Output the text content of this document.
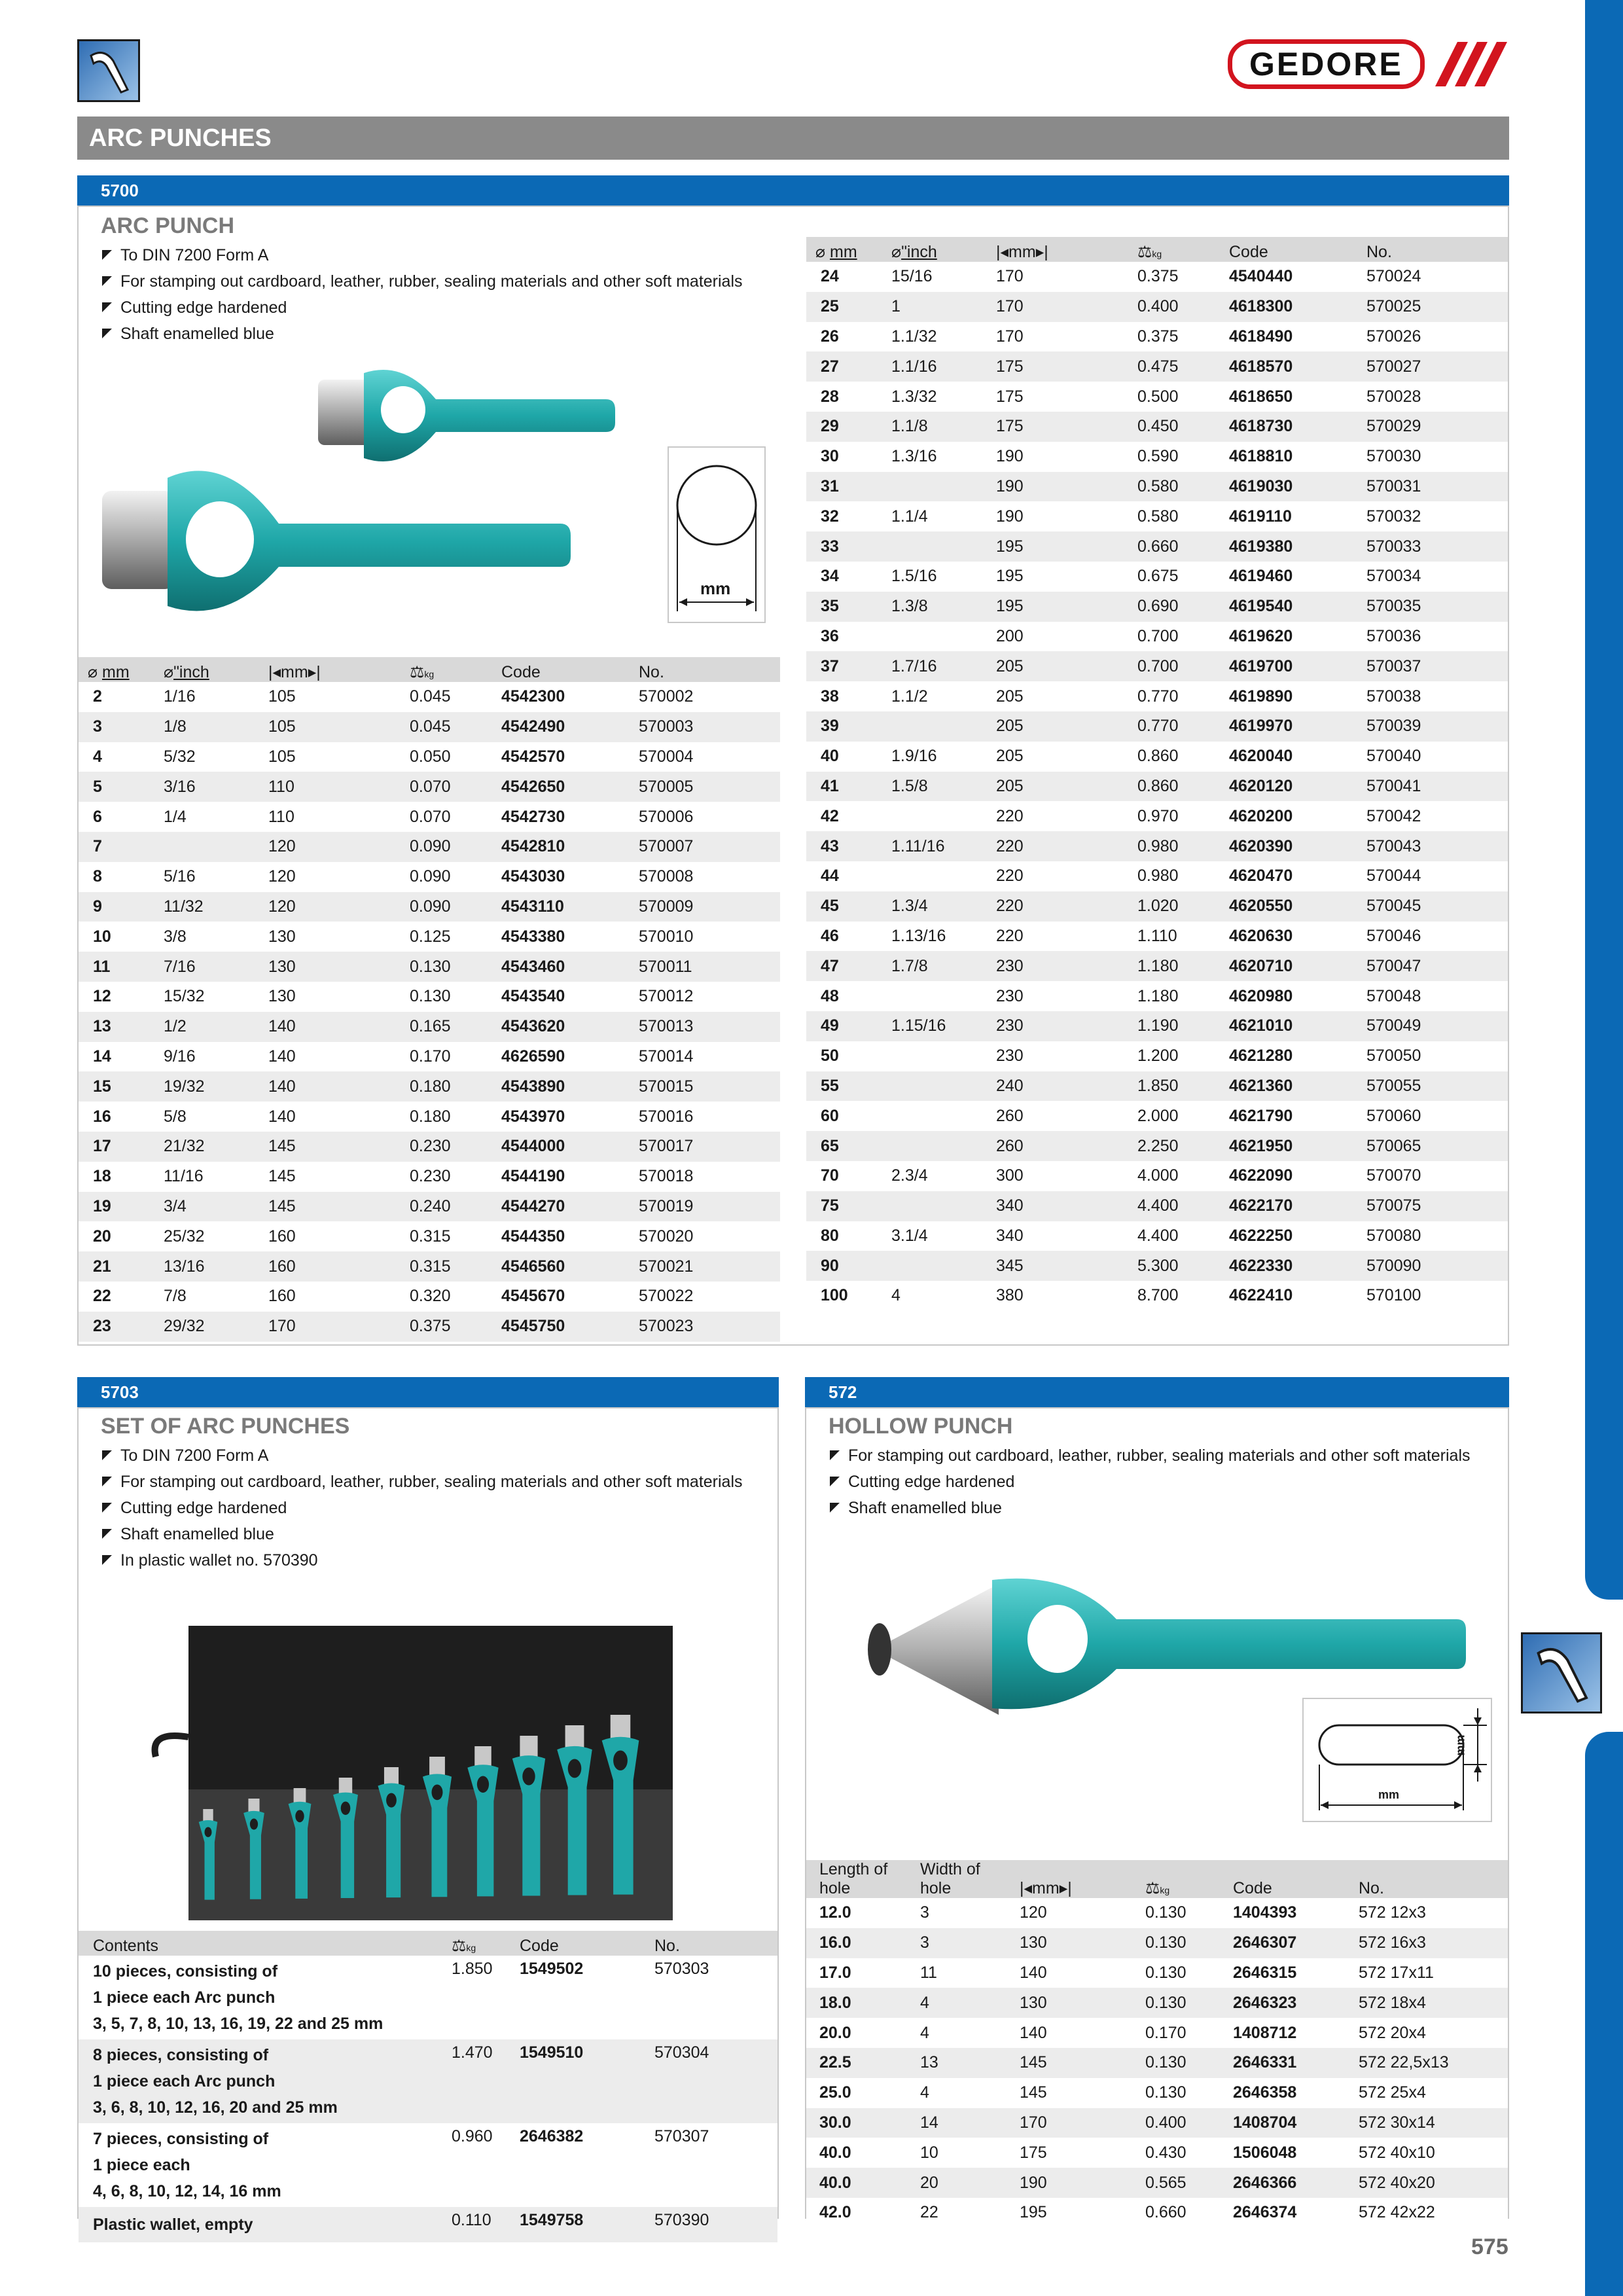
GEDORE
ARC PUNCHES
5700
ARC PUNCH
To DIN 7200 Form A
For stamping out cardboard, leather, rubber, sealing materials and other soft materials
Cutting edge hardened
Shaft enamelled blue
mm
⌀ mm	⌀"inch	|◂mm▸|	⚖kg	Code	No.
2	1/16	105	0.045	4542300	570002
3	1/8	105	0.045	4542490	570003
4	5/32	105	0.050	4542570	570004
5	3/16	110	0.070	4542650	570005
6	1/4	110	0.070	4542730	570006
7		120	0.090	4542810	570007
8	5/16	120	0.090	4543030	570008
9	11/32	120	0.090	4543110	570009
10	3/8	130	0.125	4543380	570010
11	7/16	130	0.130	4543460	570011
12	15/32	130	0.130	4543540	570012
13	1/2	140	0.165	4543620	570013
14	9/16	140	0.170	4626590	570014
15	19/32	140	0.180	4543890	570015
16	5/8	140	0.180	4543970	570016
17	21/32	145	0.230	4544000	570017
18	11/16	145	0.230	4544190	570018
19	3/4	145	0.240	4544270	570019
20	25/32	160	0.315	4544350	570020
21	13/16	160	0.315	4546560	570021
22	7/8	160	0.320	4545670	570022
23	29/32	170	0.375	4545750	570023
⌀ mm	⌀"inch	|◂mm▸|	⚖kg	Code	No.
24	15/16	170	0.375	4540440	570024
25	1	170	0.400	4618300	570025
26	1.1/32	170	0.375	4618490	570026
27	1.1/16	175	0.475	4618570	570027
28	1.3/32	175	0.500	4618650	570028
29	1.1/8	175	0.450	4618730	570029
30	1.3/16	190	0.590	4618810	570030
31		190	0.580	4619030	570031
32	1.1/4	190	0.580	4619110	570032
33		195	0.660	4619380	570033
34	1.5/16	195	0.675	4619460	570034
35	1.3/8	195	0.690	4619540	570035
36		200	0.700	4619620	570036
37	1.7/16	205	0.700	4619700	570037
38	1.1/2	205	0.770	4619890	570038
39		205	0.770	4619970	570039
40	1.9/16	205	0.860	4620040	570040
41	1.5/8	205	0.860	4620120	570041
42		220	0.970	4620200	570042
43	1.11/16	220	0.980	4620390	570043
44		220	0.980	4620470	570044
45	1.3/4	220	1.020	4620550	570045
46	1.13/16	220	1.110	4620630	570046
47	1.7/8	230	1.180	4620710	570047
48		230	1.180	4620980	570048
49	1.15/16	230	1.190	4621010	570049
50		230	1.200	4621280	570050
55		240	1.850	4621360	570055
60		260	2.000	4621790	570060
65		260	2.250	4621950	570065
70	2.3/4	300	4.000	4622090	570070
75		340	4.400	4622170	570075
80	3.1/4	340	4.400	4622250	570080
90		345	5.300	4622330	570090
100	4	380	8.700	4622410	570100
5703
SET OF ARC PUNCHES
To DIN 7200 Form A
For stamping out cardboard, leather, rubber, sealing materials and other soft materials
Cutting edge hardened
Shaft enamelled blue
In plastic wallet no. 570390
Contents	⚖kg	Code	No.

10 pieces, consisting of
1 piece each Arc punch
3, 5, 7, 8, 10, 13, 16, 19, 22 and 25 mm	1.850	1549502	570303

8 pieces, consisting of
1 piece each Arc punch
3, 6, 8, 10, 12, 16, 20 and 25 mm	1.470	1549510	570304

7 pieces, consisting of
1 piece each
4, 6, 8, 10, 12, 14, 16 mm	0.960	2646382	570307

Plastic wallet, empty	0.110	1549758	570390
572
HOLLOW PUNCH
For stamping out cardboard, leather, rubber, sealing materials and other soft materials
Cutting edge hardened
Shaft enamelled blue
mm
mm
Length of hole	Width of hole	|◂mm▸|	⚖kg	Code	No.
12.0	3	120	0.130	1404393	572 12x3
16.0	3	130	0.130	2646307	572 16x3
17.0	11	140	0.130	2646315	572 17x11
18.0	4	130	0.130	2646323	572 18x4
20.0	4	140	0.170	1408712	572 20x4
22.5	13	145	0.130	2646331	572 22,5x13
25.0	4	145	0.130	2646358	572 25x4
30.0	14	170	0.400	1408704	572 30x14
40.0	10	175	0.430	1506048	572 40x10
40.0	20	190	0.565	2646366	572 40x20
42.0	22	195	0.660	2646374	572 42x22
575
